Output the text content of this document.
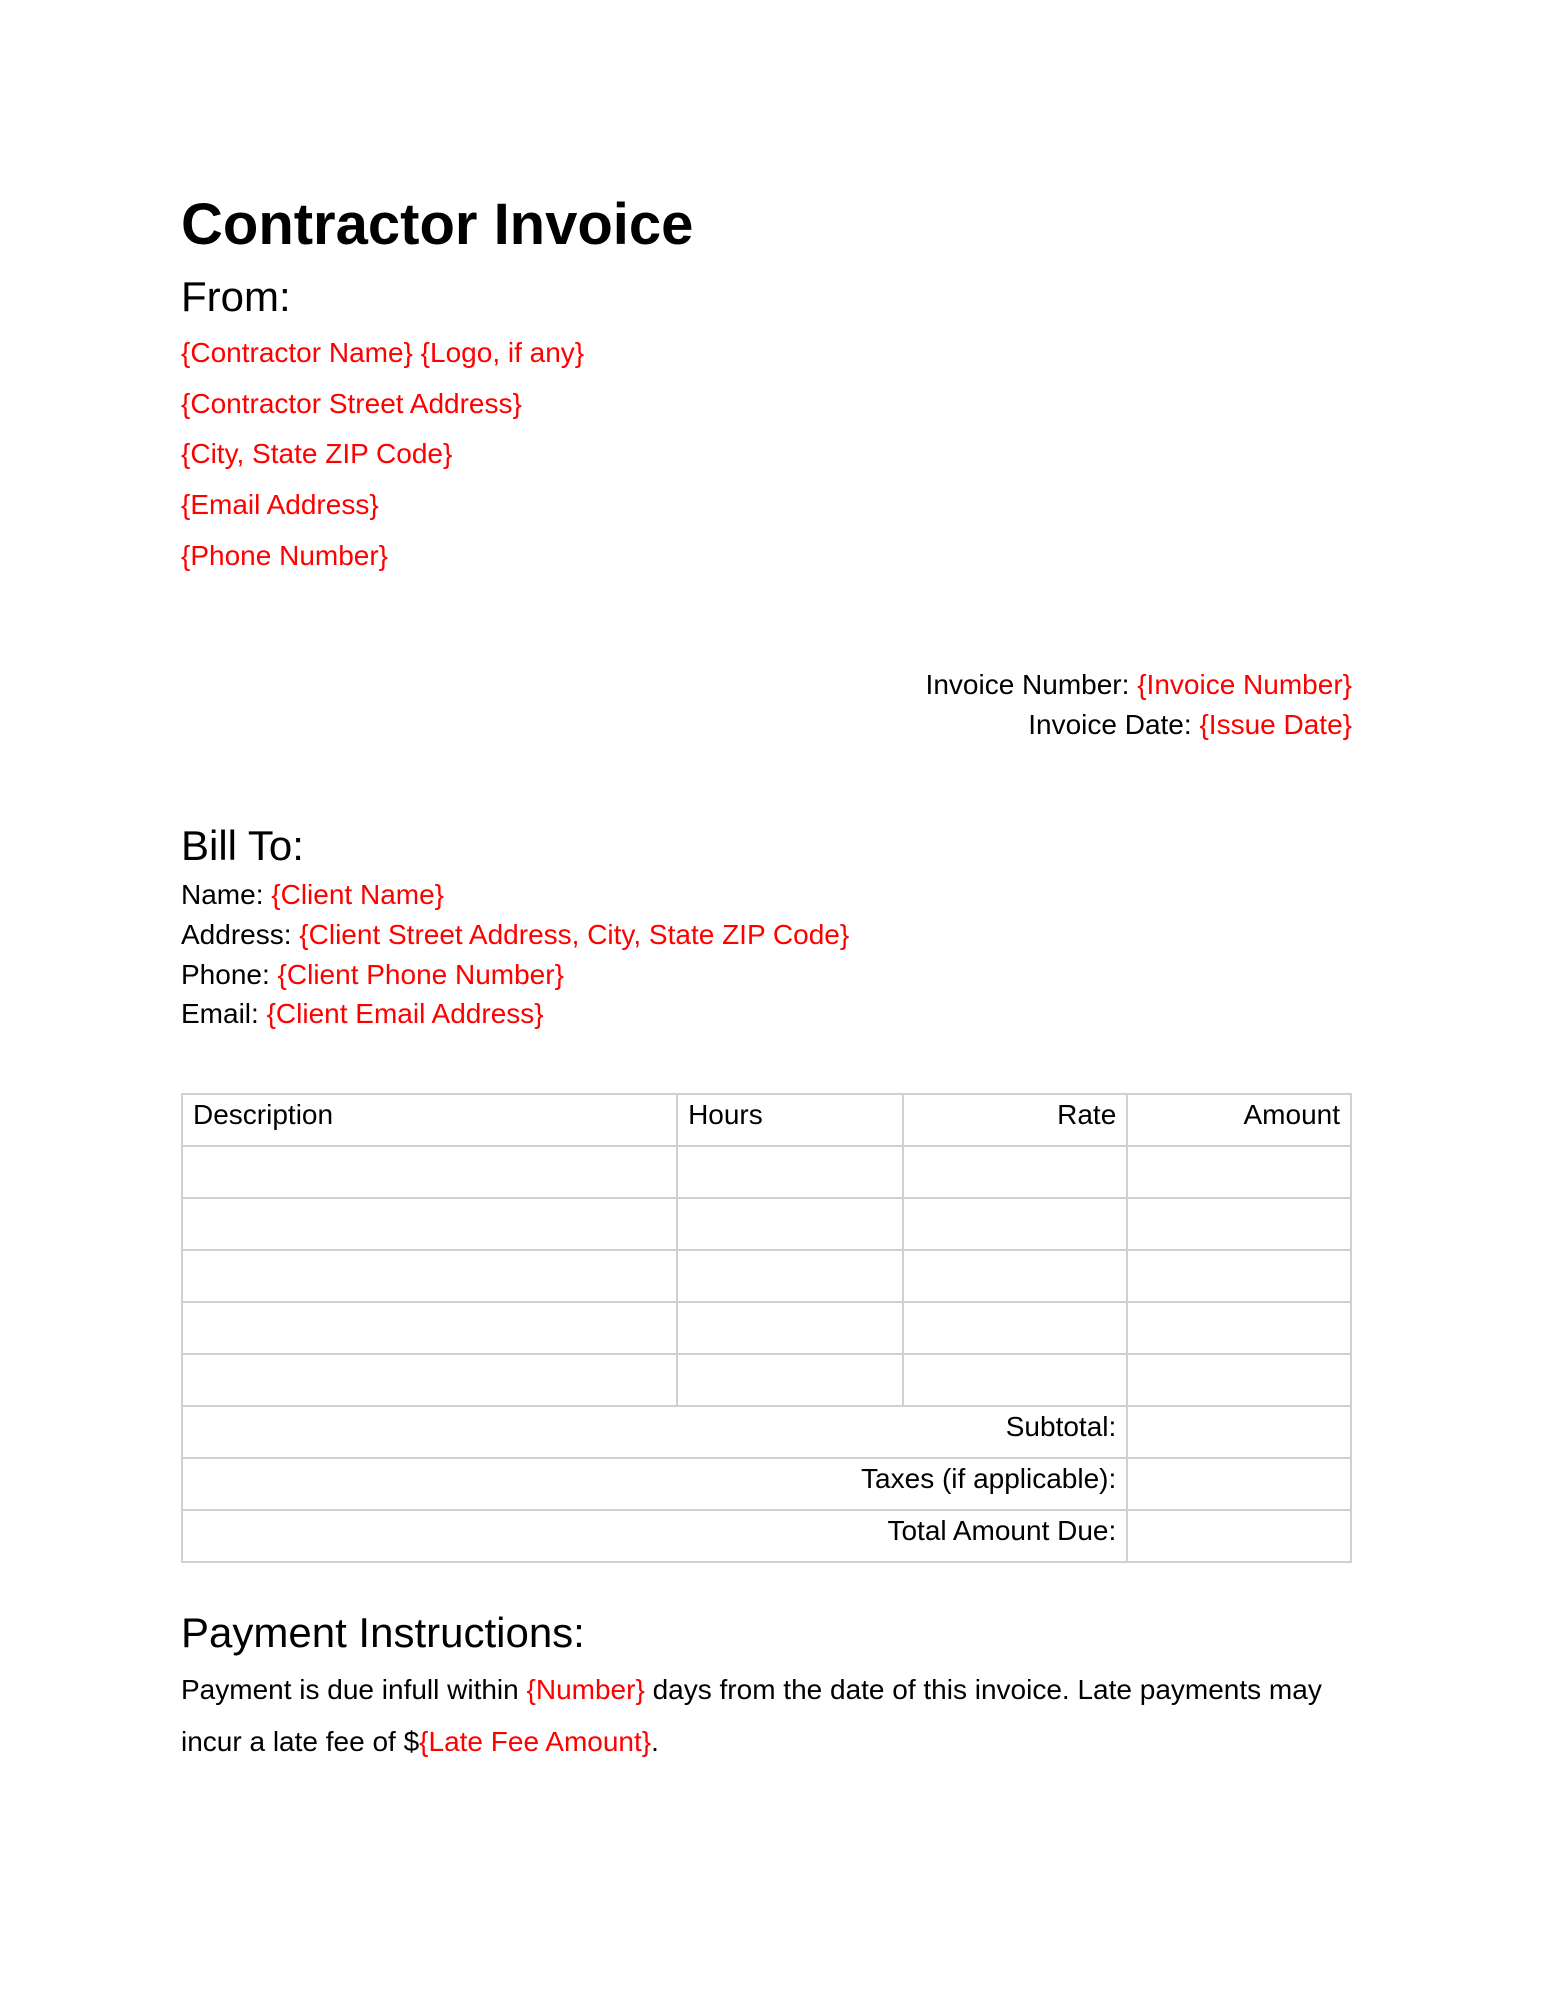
Contractor Invoice
From:
{Contractor Name} {Logo, if any}
{Contractor Street Address}
{City, State ZIP Code}
{Email Address}
{Phone Number}
Invoice Number: {Invoice Number}
Invoice Date: {Issue Date}
Bill To:
Name: {Client Name}
Address: {Client Street Address, City, State ZIP Code}
Phone: {Client Phone Number}
Email: {Client Email Address}
Description	Hours	Rate	Amount

Subtotal:			
Taxes (if applicable):			
Total Amount Due:			
Payment Instructions:
Payment is due infull within {Number} days from the date of this invoice. Late payments may incur a late fee of ${Late Fee Amount}.
